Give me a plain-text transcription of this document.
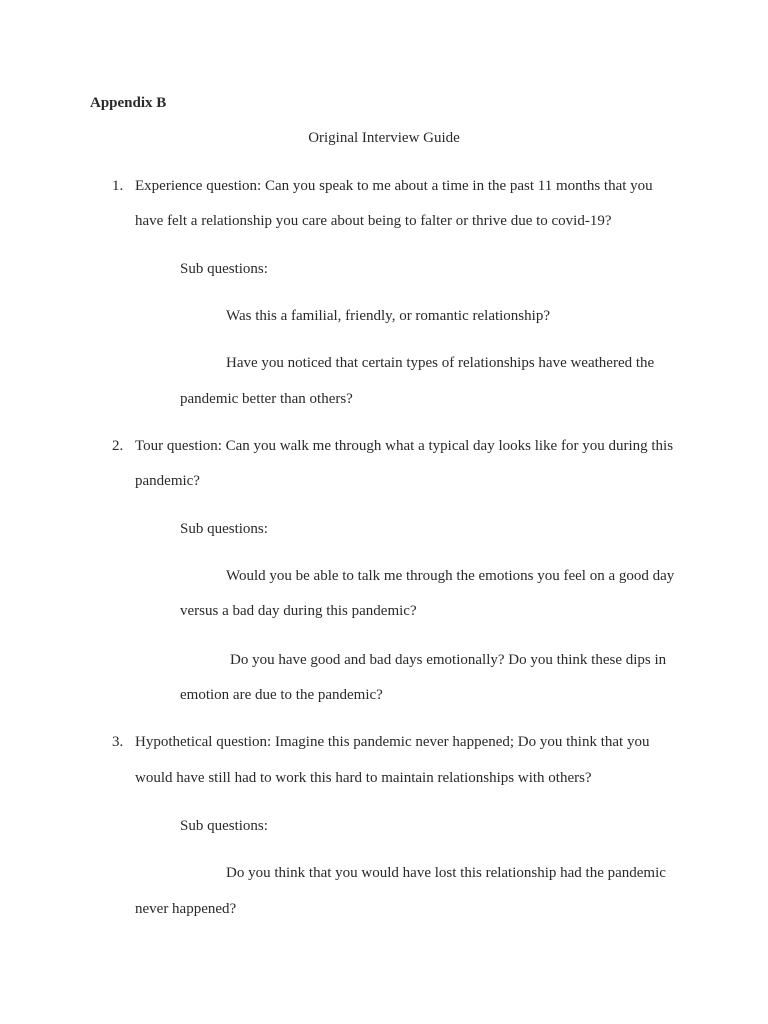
Appendix B
Original Interview Guide
1. Experience question: Can you speak to me about a time in the past 11 months that you
have felt a relationship you care about being to falter or thrive due to covid-19?
Sub questions:
Was this a familial, friendly, or romantic relationship?
Have you noticed that certain types of relationships have weathered the
pandemic better than others?
2. Tour question: Can you walk me through what a typical day looks like for you during this
pandemic?
Sub questions:
Would you be able to talk me through the emotions you feel on a good day
versus a bad day during this pandemic?
Do you have good and bad days emotionally? Do you think these dips in
emotion are due to the pandemic?
3. Hypothetical question: Imagine this pandemic never happened; Do you think that you
would have still had to work this hard to maintain relationships with others?
Sub questions:
Do you think that you would have lost this relationship had the pandemic
never happened?
